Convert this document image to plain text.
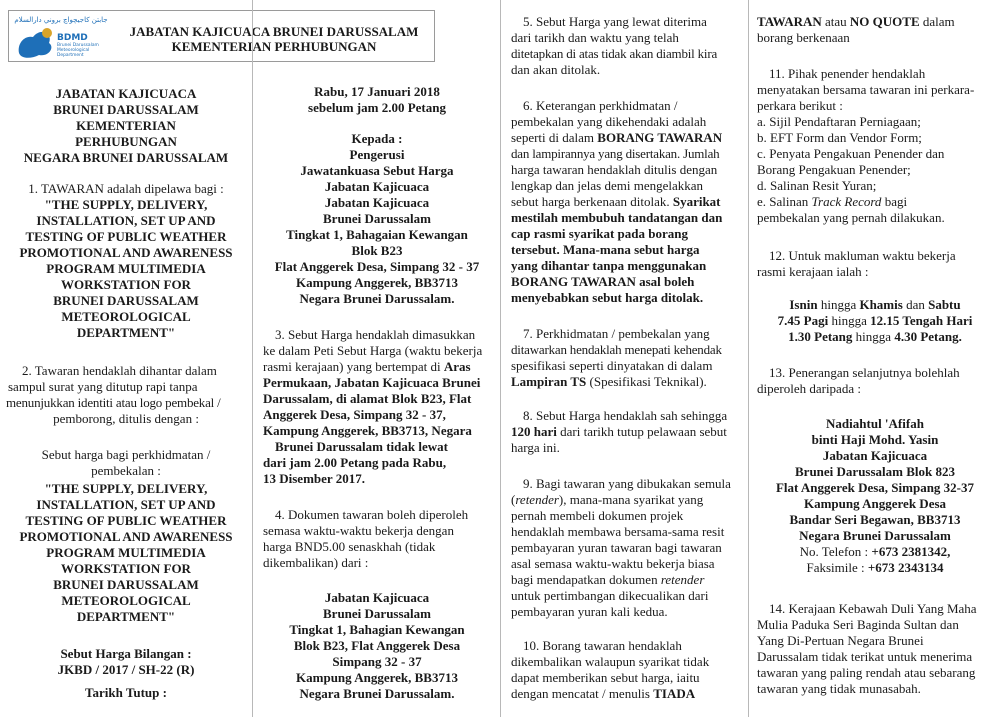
جابتن كاجيچواچ بروني دارالسلام
BDMD
Brunei Darussalam
Meteorological
Department
JABATAN KAJICUACA BRUNEI DARUSSALAM
KEMENTERIAN PERHUBUNGAN
JABATAN KAJICUACA
BRUNEI DARUSSALAM
KEMENTERIAN
PERHUBUNGAN
NEGARA BRUNEI DARUSSALAM
1. TAWARAN adalah dipelawa bagi :
"THE SUPPLY, DELIVERY,
INSTALLATION, SET UP AND
TESTING OF PUBLIC WEATHER
PROMOTIONAL AND AWARENESS
PROGRAM MULTIMEDIA
WORKSTATION FOR
BRUNEI DARUSSALAM
METEOROLOGICAL
DEPARTMENT"
2. Tawaran hendaklah dihantar dalam
sampul surat yang ditutup rapi tanpa
menunjukkan identiti atau logo pembekal /
pemborong, ditulis dengan :
Sebut harga bagi perkhidmatan /
pembekalan :
"THE SUPPLY, DELIVERY,
INSTALLATION, SET UP AND
TESTING OF PUBLIC WEATHER
PROMOTIONAL AND AWARENESS
PROGRAM MULTIMEDIA
WORKSTATION FOR
BRUNEI DARUSSALAM
METEOROLOGICAL
DEPARTMENT"
Sebut Harga Bilangan :
JKBD / 2017 / SH-22 (R)
Tarikh Tutup :
Rabu, 17 Januari 2018
sebelum jam 2.00 Petang
Kepada :
Pengerusi
Jawatankuasa Sebut Harga
Jabatan Kajicuaca
Jabatan Kajicuaca
Brunei Darussalam
Tingkat 1, Bahagaian Kewangan
Blok B23
Flat Anggerek Desa, Simpang 32 - 37
Kampung Anggerek, BB3713
Negara Brunei Darussalam.
3. Sebut Harga hendaklah dimasukkan
ke dalam Peti Sebut Harga (waktu bekerja
rasmi kerajaan) yang bertempat di Aras
Permukaan, Jabatan Kajicuaca Brunei
Darussalam, di alamat Blok B23, Flat
Anggerek Desa, Simpang 32 - 37,
Kampung Anggerek, BB3713, Negara
Brunei Darussalam tidak lewat
dari jam 2.00 Petang pada Rabu,
13 Disember 2017.
4. Dokumen tawaran boleh diperoleh
semasa waktu-waktu bekerja dengan
harga BND5.00 senaskhah (tidak
dikembalikan) dari :
Jabatan Kajicuaca
Brunei Darussalam
Tingkat 1, Bahagian Kewangan
Blok B23, Flat Anggerek Desa
Simpang 32 - 37
Kampung Anggerek, BB3713
Negara Brunei Darussalam.
5. Sebut Harga yang lewat diterima
dari tarikh dan waktu yang telah
ditetapkan di atas tidak akan diambil kira
dan akan ditolak.
6. Keterangan perkhidmatan /
pembekalan yang dikehendaki adalah
seperti di dalam BORANG TAWARAN
dan lampirannya yang disertakan. Jumlah
harga tawaran hendaklah ditulis dengan
lengkap dan jelas demi mengelakkan
sebut harga berkenaan ditolak. Syarikat
mestilah membubuh tandatangan dan
cap rasmi syarikat pada borang
tersebut. Mana-mana sebut harga
yang dihantar tanpa menggunakan
BORANG TAWARAN asal boleh
menyebabkan sebut harga ditolak.
7. Perkhidmatan / pembekalan yang
ditawarkan hendaklah menepati kehendak
spesifikasi seperti dinyatakan di dalam
Lampiran TS (Spesifikasi Teknikal).
8. Sebut Harga hendaklah sah sehingga
120 hari dari tarikh tutup pelawaan sebut
harga ini.
9. Bagi tawaran yang dibukakan semula
(retender), mana-mana syarikat yang
pernah membeli dokumen projek
hendaklah membawa bersama-sama resit
pembayaran yuran tawaran bagi tawaran
asal semasa waktu-waktu bekerja biasa
bagi mendapatkan dokumen retender
untuk pertimbangan dikecualikan dari
pembayaran yuran kali kedua.
10. Borang tawaran hendaklah
dikembalikan walaupun syarikat tidak
dapat memberikan sebut harga, iaitu
dengan mencatat / menulis TIADA
TAWARAN atau NO QUOTE dalam
borang berkenaan
11. Pihak penender hendaklah
menyatakan bersama tawaran ini perkara-
perkara berikut :
a. Sijil Pendaftaran Perniagaan;
b. EFT Form dan Vendor Form;
c. Penyata Pengakuan Penender dan
Borang Pengakuan Penender;
d. Salinan Resit Yuran;
e. Salinan Track Record bagi
pembekalan yang pernah dilakukan.
12. Untuk makluman waktu bekerja
rasmi kerajaan ialah :
Isnin hingga Khamis dan Sabtu
7.45 Pagi hingga 12.15 Tengah Hari
1.30 Petang hingga 4.30 Petang.
13. Penerangan selanjutnya bolehlah
diperoleh daripada :
Nadiahtul 'Afifah
binti Haji Mohd. Yasin
Jabatan Kajicuaca
Brunei Darussalam Blok 823
Flat Anggerek Desa, Simpang 32-37
Kampung Anggerek Desa
Bandar Seri Begawan, BB3713
Negara Brunei Darussalam
No. Telefon : +673 2381342,
Faksimile : +673 2343134
14. Kerajaan Kebawah Duli Yang Maha
Mulia Paduka Seri Baginda Sultan dan
Yang Di-Pertuan Negara Brunei
Darussalam tidak terikat untuk menerima
tawaran yang paling rendah atau sebarang
tawaran yang tidak munasabah.
